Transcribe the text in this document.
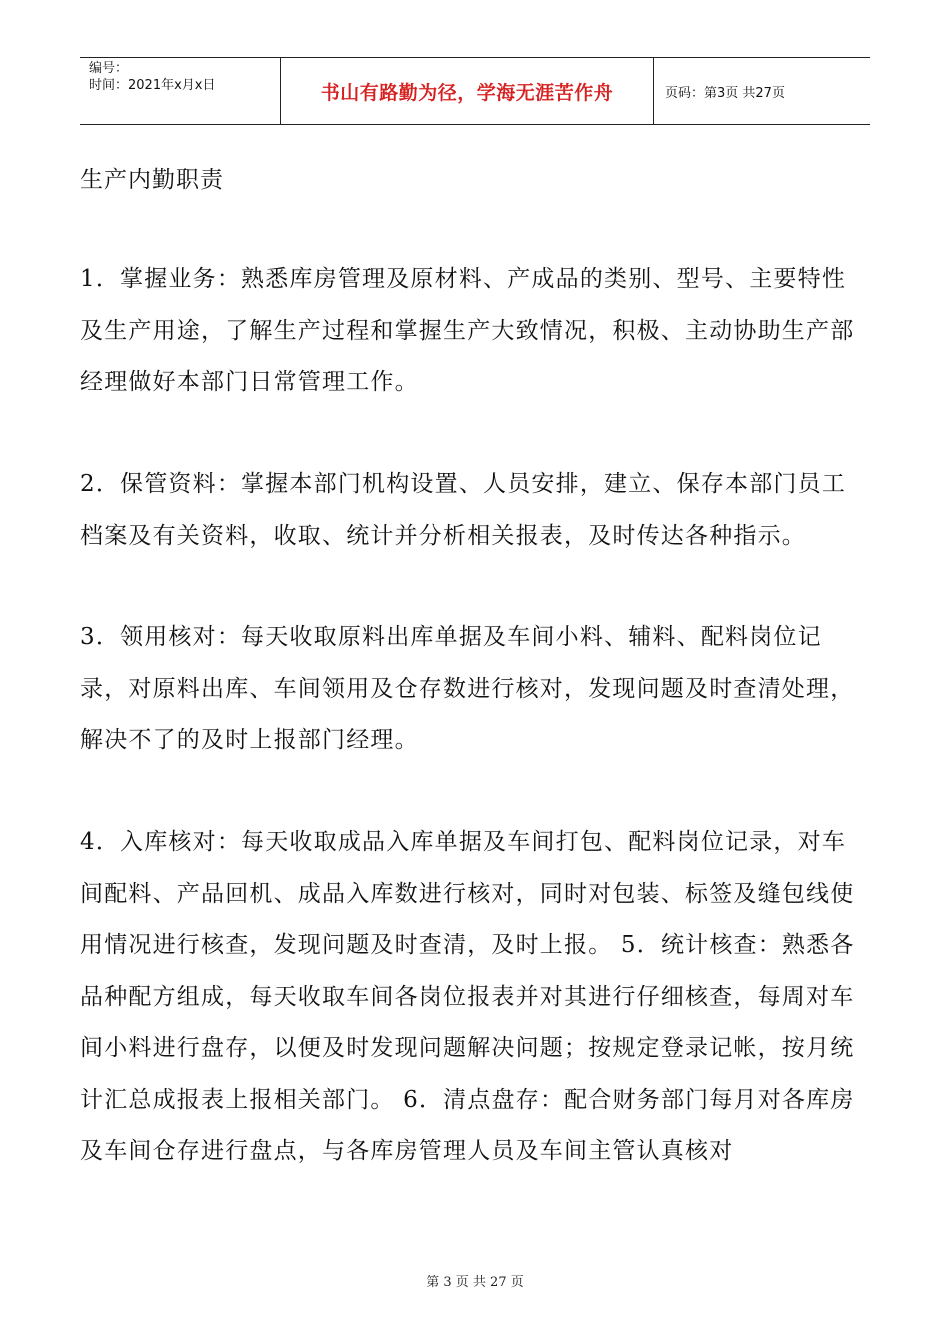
编号：
时间：2021年x月x日	书山有路勤为径，学海无涯苦作舟	页码：第3页 共27页
生产内勤职责

1．掌握业务：熟悉库房管理及原材料、产成品的类别、型号、主要特性及生产用途，了解生产过程和掌握生产大致情况，积极、主动协助生产部经理做好本部门日常管理工作。

2．保管资料：掌握本部门机构设置、人员安排，建立、保存本部门员工档案及有关资料，收取、统计并分析相关报表，及时传达各种指示。

3．领用核对：每天收取原料出库单据及车间小料、辅料、配料岗位记录，对原料出库、车间领用及仓存数进行核对，发现问题及时查清处理，解决不了的及时上报部门经理。

4．入库核对：每天收取成品入库单据及车间打包、配料岗位记录，对车间配料、产品回机、成品入库数进行核对，同时对包装、标签及缝包线使用情况进行核查，发现问题及时查清，及时上报。 5．统计核查：熟悉各品种配方组成，每天收取车间各岗位报表并对其进行仔细核查，每周对车间小料进行盘存，以便及时发现问题解决问题；按规定登录记帐，按月统计汇总成报表上报相关部门。 6．清点盘存：配合财务部门每月对各库房及车间仓存进行盘点，与各库房管理人员及车间主管认真核对

第 3 页 共 27 页
